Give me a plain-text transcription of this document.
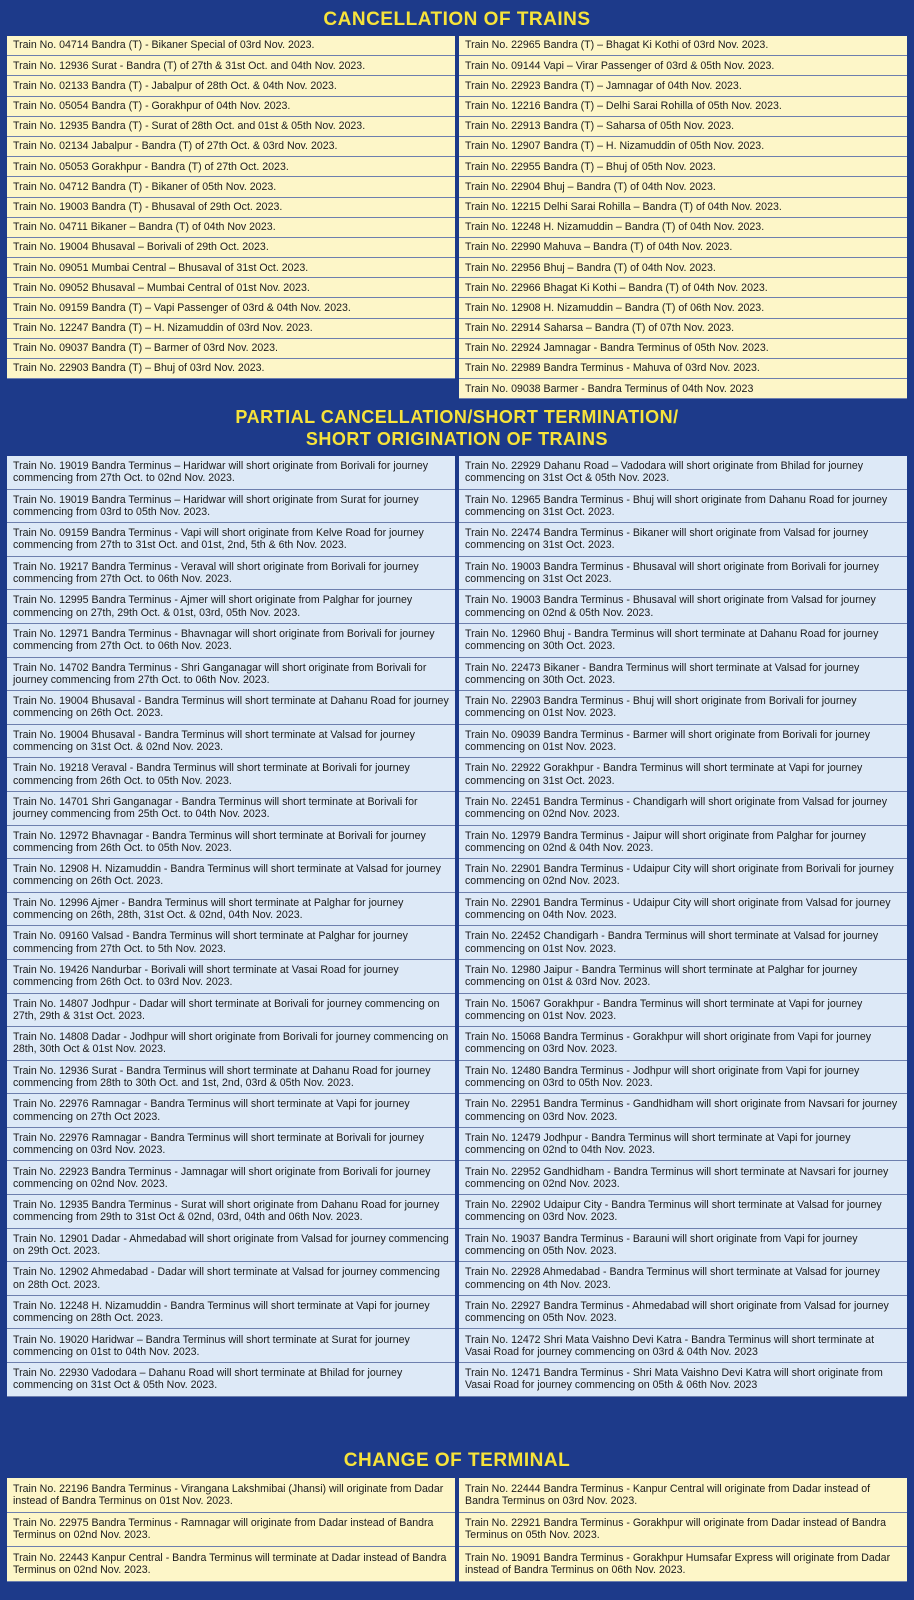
CANCELLATION OF TRAINS
Train No. 04714 Bandra (T) - Bikaner Special of 03rd Nov. 2023.
Train No. 12936 Surat - Bandra (T) of 27th & 31st Oct. and 04th Nov. 2023.
Train No. 02133 Bandra (T) - Jabalpur of 28th Oct. & 04th Nov. 2023.
Train No. 05054 Bandra (T) - Gorakhpur of 04th Nov. 2023.
Train No. 12935 Bandra (T) - Surat of 28th Oct. and 01st & 05th Nov. 2023.
Train No. 02134 Jabalpur - Bandra (T) of 27th Oct. & 03rd Nov. 2023.
Train No. 05053 Gorakhpur - Bandra (T) of 27th Oct. 2023.
Train No. 04712 Bandra (T) - Bikaner of 05th Nov. 2023.
Train No. 19003 Bandra (T) - Bhusaval of 29th Oct. 2023.
Train No. 04711 Bikaner – Bandra (T) of 04th Nov 2023.
Train No. 19004 Bhusaval – Borivali of 29th Oct. 2023.
Train No. 09051 Mumbai Central – Bhusaval of 31st Oct. 2023.
Train No. 09052 Bhusaval – Mumbai Central of 01st Nov. 2023.
Train No. 09159 Bandra (T) – Vapi Passenger of 03rd & 04th Nov. 2023.
Train No. 12247 Bandra (T) – H. Nizamuddin of 03rd Nov. 2023.
Train No. 09037 Bandra (T) – Barmer of 03rd Nov. 2023.
Train No. 22903 Bandra (T) – Bhuj of 03rd Nov. 2023.
Train No. 22965 Bandra (T) – Bhagat Ki Kothi of 03rd Nov. 2023.
Train No. 09144 Vapi – Virar Passenger of 03rd & 05th Nov. 2023.
Train No. 22923 Bandra (T) – Jamnagar of 04th Nov. 2023.
Train No. 12216 Bandra (T) – Delhi Sarai Rohilla of 05th Nov. 2023.
Train No. 22913 Bandra (T) – Saharsa of 05th Nov. 2023.
Train No. 12907 Bandra (T) – H. Nizamuddin of 05th Nov. 2023.
Train No. 22955 Bandra (T) – Bhuj of 05th Nov. 2023.
Train No. 22904 Bhuj – Bandra (T) of 04th Nov. 2023.
Train No. 12215 Delhi Sarai Rohilla – Bandra (T) of 04th Nov. 2023.
Train No. 12248 H. Nizamuddin – Bandra (T) of 04th Nov. 2023.
Train No. 22990 Mahuva – Bandra (T) of 04th Nov. 2023.
Train No. 22956 Bhuj – Bandra (T) of 04th Nov. 2023.
Train No. 22966 Bhagat Ki Kothi – Bandra (T) of 04th Nov. 2023.
Train No. 12908 H. Nizamuddin – Bandra (T) of 06th Nov. 2023.
Train No. 22914 Saharsa – Bandra (T) of 07th Nov. 2023.
Train No. 22924 Jamnagar - Bandra Terminus of 05th Nov. 2023.
Train No. 22989 Bandra Terminus - Mahuva of 03rd Nov. 2023.
Train No. 09038 Barmer - Bandra Terminus of 04th Nov. 2023
PARTIAL CANCELLATION/SHORT TERMINATION/
SHORT ORIGINATION OF TRAINS
Train No. 19019 Bandra Terminus – Haridwar will short originate from Borivali for journey commencing from 27th Oct. to 02nd Nov. 2023.
Train No. 19019 Bandra Terminus – Haridwar will short originate from Surat for journey commencing from 03rd to 05th Nov. 2023.
Train No. 09159 Bandra Terminus - Vapi will short originate from Kelve Road for journey commencing from 27th to 31st Oct. and 01st, 2nd, 5th & 6th Nov. 2023.
Train No. 19217 Bandra Terminus - Veraval will short originate from Borivali for journey commencing from 27th Oct. to 06th Nov. 2023.
Train No. 12995 Bandra Terminus - Ajmer will short originate from Palghar for journey commencing on 27th, 29th Oct. & 01st, 03rd, 05th Nov. 2023.
Train No. 12971 Bandra Terminus - Bhavnagar will short originate from Borivali for journey commencing from 27th Oct. to 06th Nov. 2023.
Train No. 14702 Bandra Terminus - Shri Ganganagar will short originate from Borivali for journey commencing from 27th Oct. to 06th Nov. 2023.
Train No. 19004 Bhusaval - Bandra Terminus will short terminate at Dahanu Road for journey commencing on 26th Oct. 2023.
Train No. 19004 Bhusaval - Bandra Terminus will short terminate at Valsad for journey commencing on 31st Oct. & 02nd Nov. 2023.
Train No. 19218 Veraval - Bandra Terminus will short terminate at Borivali for journey commencing from 26th Oct. to 05th Nov. 2023.
Train No. 14701 Shri Ganganagar - Bandra Terminus will short terminate at Borivali for journey commencing from 25th Oct. to 04th Nov. 2023.
Train No. 12972 Bhavnagar - Bandra Terminus will short terminate at Borivali for journey commencing from 26th Oct. to 05th Nov. 2023.
Train No. 12908 H. Nizamuddin - Bandra Terminus will short terminate at Valsad for journey commencing on 26th Oct. 2023.
Train No. 12996 Ajmer - Bandra Terminus will short terminate at Palghar for journey commencing on 26th, 28th, 31st Oct. & 02nd, 04th Nov. 2023.
Train No. 09160 Valsad - Bandra Terminus will short terminate at Palghar for journey commencing from 27th Oct. to 5th Nov. 2023.
Train No. 19426 Nandurbar - Borivali will short terminate at Vasai Road for journey commencing from 26th Oct. to 03rd Nov. 2023.
Train No. 14807 Jodhpur - Dadar will short terminate at Borivali for journey commencing on 27th, 29th & 31st Oct. 2023.
Train No. 14808 Dadar - Jodhpur will short originate from Borivali for journey commencing on 28th, 30th Oct & 01st Nov. 2023.
Train No. 12936 Surat - Bandra Terminus will short terminate at Dahanu Road for journey commencing from 28th to 30th Oct. and 1st, 2nd, 03rd & 05th Nov. 2023.
Train No. 22976 Ramnagar - Bandra Terminus will short terminate at Vapi for journey commencing on 27th Oct 2023.
Train No. 22976 Ramnagar - Bandra Terminus will short terminate at Borivali for journey commencing on 03rd Nov. 2023.
Train No. 22923 Bandra Terminus - Jamnagar will short originate from Borivali for journey commencing on 02nd Nov. 2023.
Train No. 12935 Bandra Terminus - Surat will short originate from Dahanu Road for journey commencing from 29th to 31st Oct & 02nd, 03rd, 04th and 06th Nov. 2023.
Train No. 12901 Dadar - Ahmedabad will short originate from Valsad for journey commencing on 29th Oct. 2023.
Train No. 12902 Ahmedabad - Dadar will short terminate at Valsad for journey commencing on 28th Oct. 2023.
Train No. 12248 H. Nizamuddin - Bandra Terminus will short terminate at Vapi for journey commencing on 28th Oct. 2023.
Train No. 19020 Haridwar – Bandra Terminus will short terminate at Surat for journey commencing on 01st to 04th Nov. 2023.
Train No. 22930 Vadodara – Dahanu Road will short terminate at Bhilad for journey commencing on 31st Oct & 05th Nov. 2023.
Train No. 22929 Dahanu Road – Vadodara will short originate from Bhilad for journey commencing on 31st Oct & 05th Nov. 2023.
Train No. 12965 Bandra Terminus - Bhuj will short originate from Dahanu Road for journey commencing on 31st Oct. 2023.
Train No. 22474 Bandra Terminus - Bikaner will short originate from Valsad for journey commencing on 31st Oct. 2023.
Train No. 19003 Bandra Terminus - Bhusaval will short originate from Borivali for journey commencing on 31st Oct 2023.
Train No. 19003 Bandra Terminus - Bhusaval will short originate from Valsad for journey commencing on 02nd & 05th Nov. 2023.
Train No. 12960 Bhuj - Bandra Terminus will short terminate at Dahanu Road for journey commencing on 30th Oct. 2023.
Train No. 22473 Bikaner - Bandra Terminus will short terminate at Valsad for journey commencing on 30th Oct. 2023.
Train No. 22903 Bandra Terminus - Bhuj will short originate from Borivali for journey commencing on 01st Nov. 2023.
Train No. 09039 Bandra Terminus - Barmer will short originate from Borivali for journey commencing on 01st Nov. 2023.
Train No. 22922 Gorakhpur - Bandra Terminus will short terminate at Vapi for journey commencing on 31st Oct. 2023.
Train No. 22451 Bandra Terminus - Chandigarh will short originate from Valsad for journey commencing on 02nd Nov. 2023.
Train No. 12979 Bandra Terminus - Jaipur will short originate from Palghar for journey commencing on 02nd & 04th Nov. 2023.
Train No. 22901 Bandra Terminus - Udaipur City will short originate from Borivali for journey commencing on 02nd Nov. 2023.
Train No. 22901 Bandra Terminus - Udaipur City will short originate from Valsad for journey commencing on 04th Nov. 2023.
Train No. 22452 Chandigarh - Bandra Terminus will short terminate at Valsad for journey commencing on 01st Nov. 2023.
Train No. 12980 Jaipur - Bandra Terminus will short terminate at Palghar for journey commencing on 01st & 03rd Nov. 2023.
Train No. 15067 Gorakhpur - Bandra Terminus will short terminate at Vapi for journey commencing on 01st Nov. 2023.
Train No. 15068 Bandra Terminus - Gorakhpur will short originate from Vapi for journey commencing on 03rd Nov. 2023.
Train No. 12480 Bandra Terminus - Jodhpur will short originate from Vapi for journey commencing on 03rd to 05th Nov. 2023.
Train No. 22951 Bandra Terminus - Gandhidham will short originate from Navsari for journey commencing on 03rd Nov. 2023.
Train No. 12479 Jodhpur - Bandra Terminus will short terminate at Vapi for journey commencing on 02nd to 04th Nov. 2023.
Train No. 22952 Gandhidham - Bandra Terminus will short terminate at Navsari for journey commencing on 02nd Nov. 2023.
Train No. 22902 Udaipur City - Bandra Terminus will short terminate at Valsad for journey commencing on 03rd Nov. 2023.
Train No. 19037 Bandra Terminus - Barauni will short originate from Vapi for journey commencing on 05th Nov. 2023.
Train No. 22928 Ahmedabad - Bandra Terminus will short terminate at Valsad for journey commencing on 4th Nov. 2023.
Train No. 22927 Bandra Terminus - Ahmedabad will short originate from Valsad for journey commencing on 05th Nov. 2023.
Train No. 12472 Shri Mata Vaishno Devi Katra - Bandra Terminus will short terminate at Vasai Road for journey commencing on 03rd & 04th Nov. 2023
Train No. 12471 Bandra Terminus - Shri Mata Vaishno Devi Katra will short originate from Vasai Road for journey commencing on 05th & 06th Nov. 2023
CHANGE OF TERMINAL
Train No. 22196 Bandra Terminus - Virangana Lakshmibai (Jhansi) will originate from Dadar instead of Bandra Terminus on 01st Nov. 2023.
Train No. 22975 Bandra Terminus - Ramnagar will originate from Dadar instead of Bandra Terminus on 02nd Nov. 2023.
Train No. 22443 Kanpur Central - Bandra Terminus will terminate at Dadar instead of Bandra Terminus on 02nd Nov. 2023.
Train No. 22444 Bandra Terminus - Kanpur Central will originate from Dadar instead of Bandra Terminus on 03rd Nov. 2023.
Train No. 22921 Bandra Terminus - Gorakhpur will originate from Dadar instead of Bandra Terminus on 05th Nov. 2023.
Train No. 19091 Bandra Terminus - Gorakhpur Humsafar Express will originate from Dadar instead of Bandra Terminus on 06th Nov. 2023.
